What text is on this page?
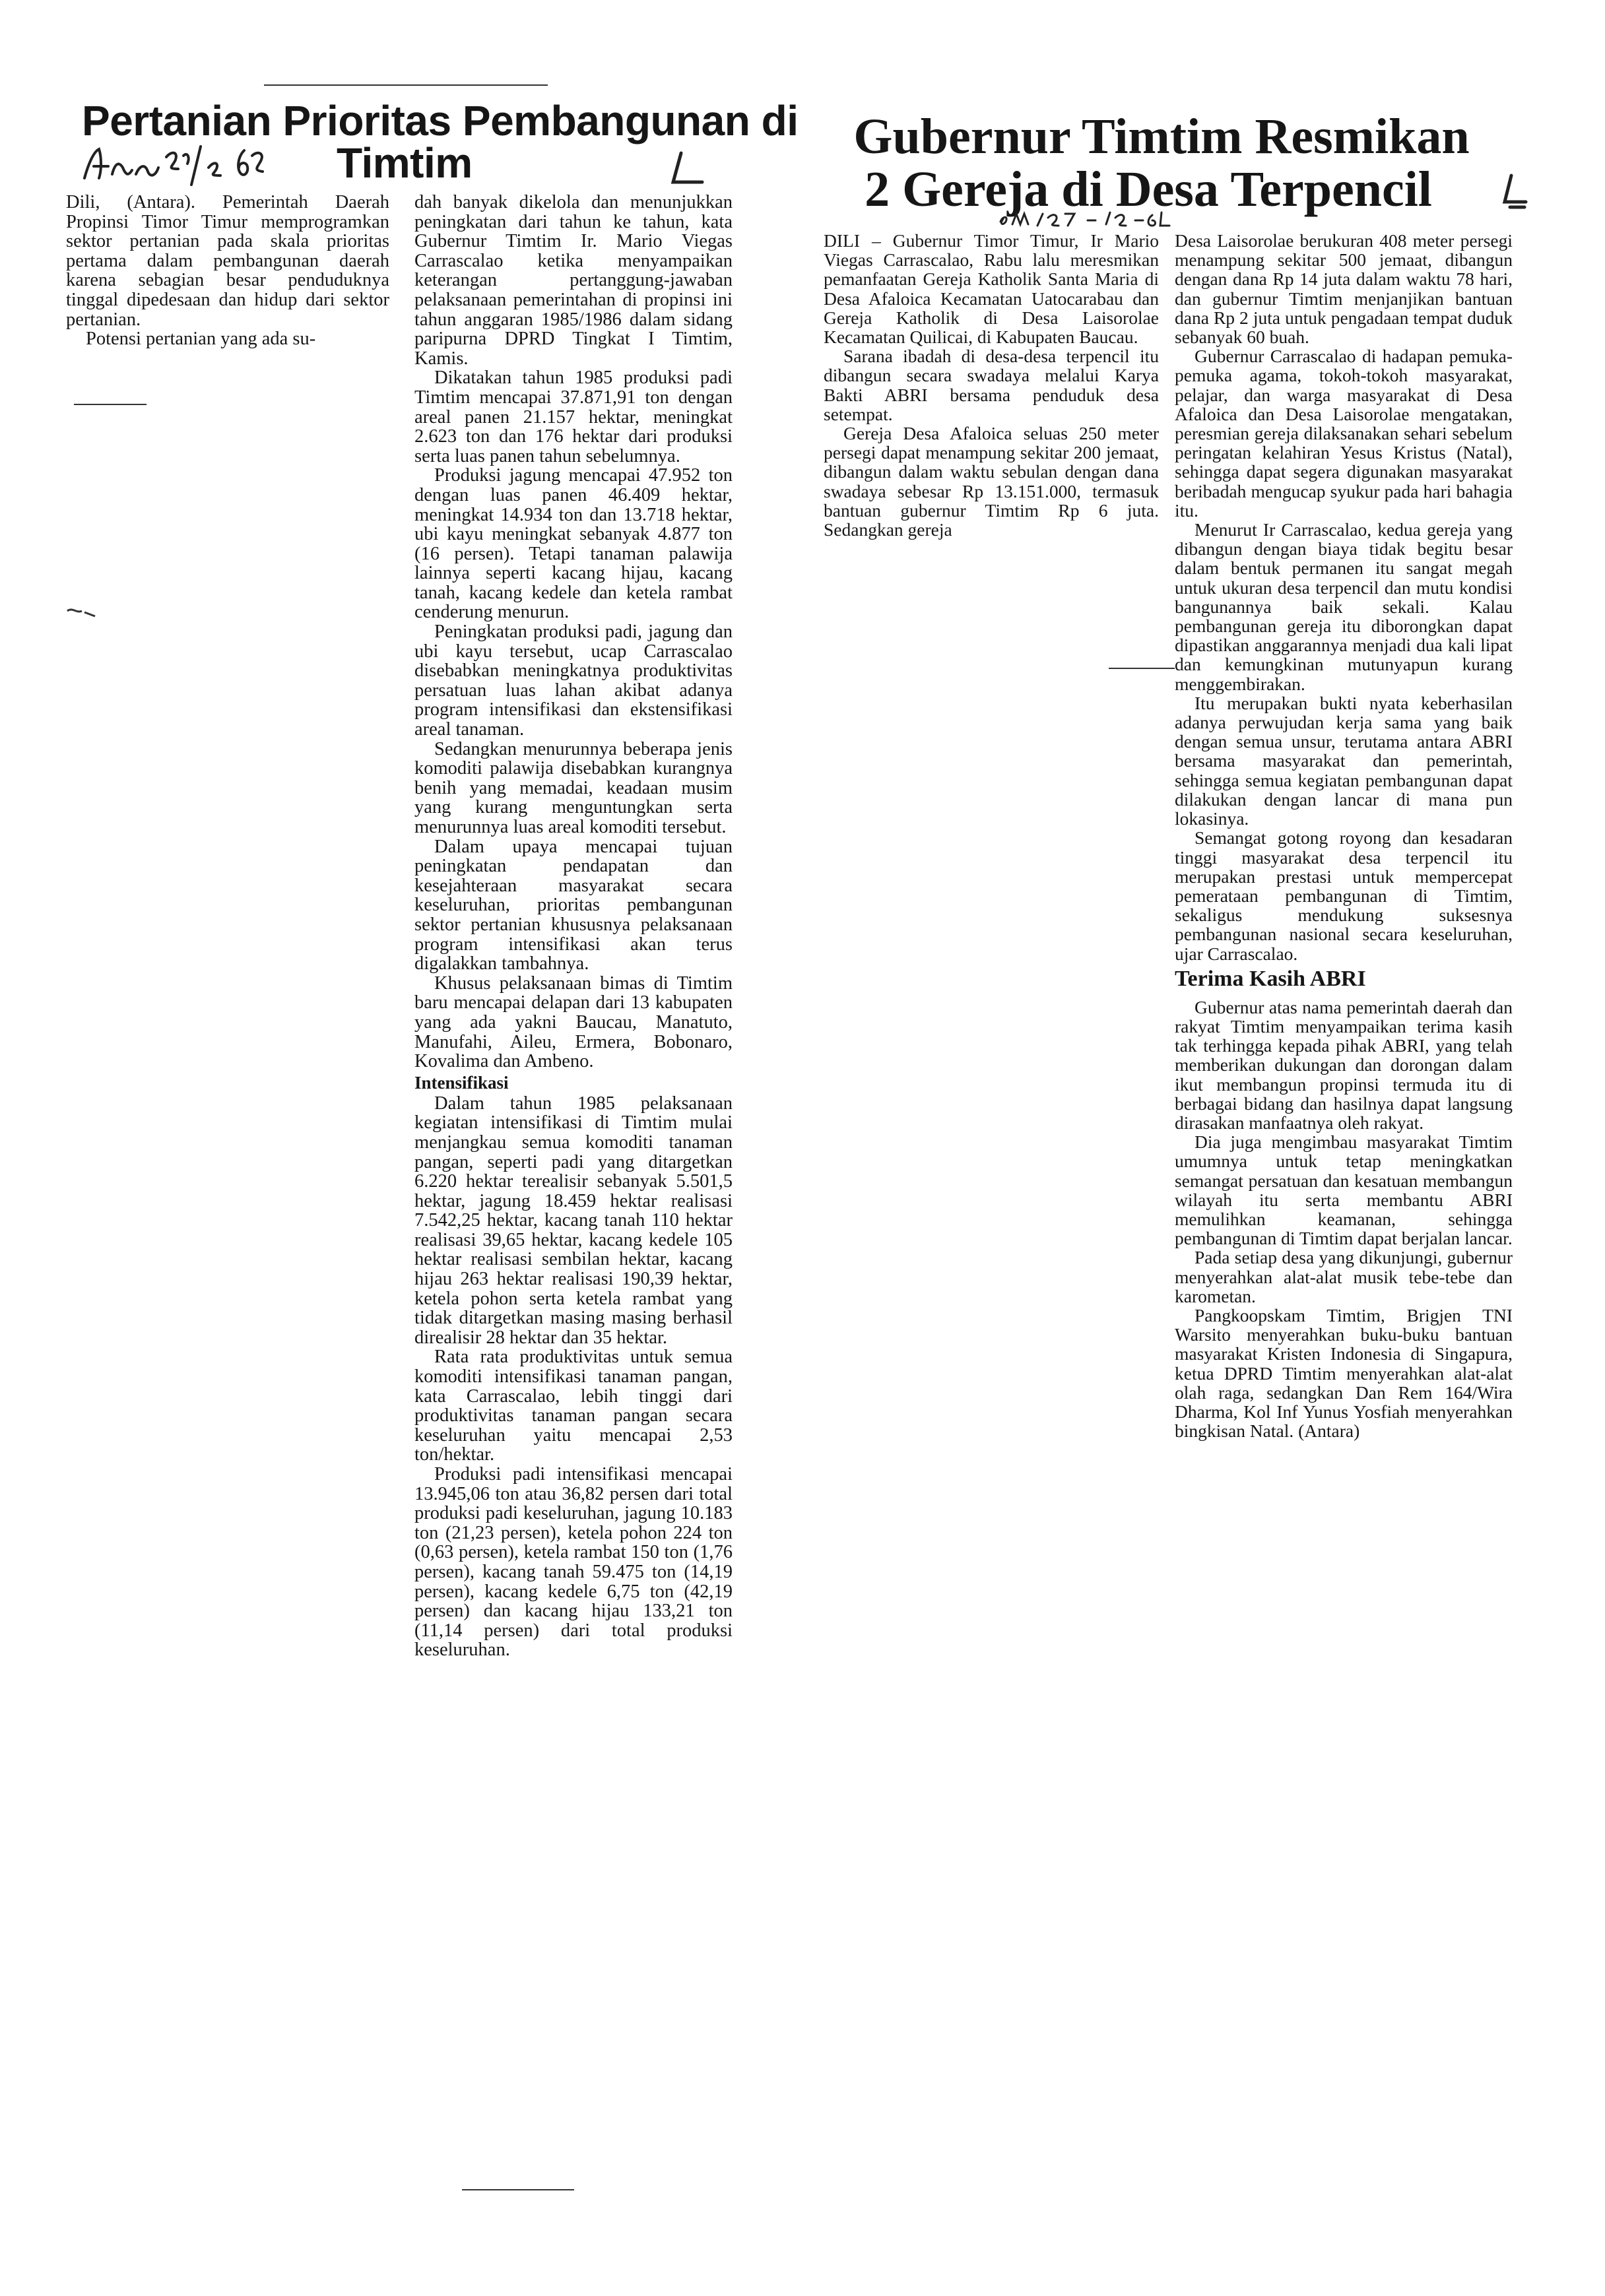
Pertanian Prioritas Pembangunan di
Timtim

Dili, (Antara). Pemerintah Daerah Propinsi Timor Timur memprogramkan sektor pertanian pada skala prioritas pertama dalam pembangunan daerah karena sebagian besar penduduknya tinggal dipedesaan dan hidup dari sektor pertanian.

Potensi pertanian yang ada su-

dah banyak dikelola dan menunjukkan peningkatan dari tahun ke tahun, kata Gubernur Timtim Ir. Mario Viegas Carrascalao ketika menyampaikan keterangan pertanggung-jawaban pelaksanaan pemerintahan di propinsi ini tahun anggaran 1985/1986 dalam sidang paripurna DPRD Tingkat I Timtim, Kamis.

Dikatakan tahun 1985 produksi padi Timtim mencapai 37.871,91 ton dengan areal panen 21.157 hektar, meningkat 2.623 ton dan 176 hektar dari produksi serta luas panen tahun sebelumnya.

Produksi jagung mencapai 47.952 ton dengan luas panen 46.409 hektar, meningkat 14.934 ton dan 13.718 hektar, ubi kayu meningkat sebanyak 4.877 ton (16 persen). Tetapi tanaman palawija lainnya seperti kacang hijau, kacang tanah, kacang kedele dan ketela rambat cenderung menurun.

Peningkatan produksi padi, jagung dan ubi kayu tersebut, ucap Carrascalao disebabkan meningkatnya produktivitas persatuan luas lahan akibat adanya program intensifikasi dan ekstensifikasi areal tanaman.

Sedangkan menurunnya beberapa jenis komoditi palawija disebabkan kurangnya benih yang memadai, keadaan musim yang kurang menguntungkan serta menurunnya luas areal komoditi tersebut.

Dalam upaya mencapai tujuan peningkatan pendapatan dan kesejahteraan masyarakat secara keseluruhan, prioritas pembangunan sektor pertanian khususnya pelaksanaan program intensifikasi akan terus digalakkan tambahnya.

Khusus pelaksanaan bimas di Timtim baru mencapai delapan dari 13 kabupaten yang ada yakni Baucau, Manatuto, Manufahi, Aileu, Ermera, Bobonaro, Kovalima dan Ambeno.

Intensifikasi

Dalam tahun 1985 pelaksanaan kegiatan intensifikasi di Timtim mulai menjangkau semua komoditi tanaman pangan, seperti padi yang ditargetkan 6.220 hektar terealisir sebanyak 5.501,5 hektar, jagung 18.459 hektar realisasi 7.542,25 hektar, kacang tanah 110 hektar realisasi 39,65 hektar, kacang kedele 105 hektar realisasi sembilan hektar, kacang hijau 263 hektar realisasi 190,39 hektar, ketela pohon serta ketela rambat yang tidak ditargetkan masing masing berhasil direalisir 28 hektar dan 35 hektar.

Rata rata produktivitas untuk semua komoditi intensifikasi tanaman pangan, kata Carrascalao, lebih tinggi dari produktivitas tanaman pangan secara keseluruhan yaitu mencapai 2,53 ton/hektar.

Produksi padi intensifikasi mencapai 13.945,06 ton atau 36,82 persen dari total produksi padi keseluruhan, jagung 10.183 ton (21,23 persen), ketela pohon 224 ton (0,63 persen), ketela rambat 150 ton (1,76 persen), kacang tanah 59.475 ton (14,19 persen), kacang kedele 6,75 ton (42,19 persen) dan kacang hijau 133,21 ton (11,14 persen) dari total produksi keseluruhan.

Gubernur Timtim Resmikan
2 Gereja di Desa Terpencil

DILI – Gubernur Timor Timur, Ir Mario Viegas Carrascalao, Rabu lalu meresmikan pemanfaatan Gereja Katholik Santa Maria di Desa Afaloica Kecamatan Uatocarabau dan Gereja Katholik di Desa Laisorolae Kecamatan Quilicai, di Kabupaten Baucau.

Sarana ibadah di desa-desa terpencil itu dibangun secara swadaya melalui Karya Bakti ABRI bersama penduduk desa setempat.

Gereja Desa Afaloica seluas 250 meter persegi dapat menampung sekitar 200 jemaat, dibangun dalam waktu sebulan dengan dana swadaya sebesar Rp 13.151.000, termasuk bantuan gubernur Timtim Rp 6 juta. Sedangkan gereja

Desa Laisorolae berukuran 408 meter persegi menampung sekitar 500 jemaat, dibangun dengan dana Rp 14 juta dalam waktu 78 hari, dan gubernur Timtim menjanjikan bantuan dana Rp 2 juta untuk pengadaan tempat duduk sebanyak 60 buah.

Gubernur Carrascalao di hadapan pemuka-pemuka agama, tokoh-tokoh masyarakat, pelajar, dan warga masyarakat di Desa Afaloica dan Desa Laisorolae mengatakan, peresmian gereja dilaksanakan sehari sebelum peringatan kelahiran Yesus Kristus (Natal), sehingga dapat segera digunakan masyarakat beribadah mengucap syukur pada hari bahagia itu.

Menurut Ir Carrascalao, kedua gereja yang dibangun dengan biaya tidak begitu besar dalam bentuk permanen itu sangat megah untuk ukuran desa terpencil dan mutu kondisi bangunannya baik sekali. Kalau pembangunan gereja itu diborongkan dapat dipastikan anggarannya menjadi dua kali lipat dan kemungkinan mutunyapun kurang menggembirakan.

Itu merupakan bukti nyata keberhasilan adanya perwujudan kerja sama yang baik dengan semua unsur, terutama antara ABRI bersama masyarakat dan pemerintah, sehingga semua kegiatan pembangunan dapat dilakukan dengan lancar di mana pun lokasinya.

Semangat gotong royong dan kesadaran tinggi masyarakat desa terpencil itu merupakan prestasi untuk mempercepat pemerataan pembangunan di Timtim, sekaligus mendukung suksesnya pembangunan nasional secara keseluruhan, ujar Carrascalao.

Terima Kasih ABRI

Gubernur atas nama pemerintah daerah dan rakyat Timtim menyampaikan terima kasih tak terhingga kepada pihak ABRI, yang telah memberikan dukungan dan dorongan dalam ikut membangun propinsi termuda itu di berbagai bidang dan hasilnya dapat langsung dirasakan manfaatnya oleh rakyat.

Dia juga mengimbau masyarakat Timtim umumnya untuk tetap meningkatkan semangat persatuan dan kesatuan membangun wilayah itu serta membantu ABRI memulihkan keamanan, sehingga pembangunan di Timtim dapat berjalan lancar.

Pada setiap desa yang dikunjungi, gubernur menyerahkan alat-alat musik tebe-tebe dan karometan.

Pangkoopskam Timtim, Brigjen TNI Warsito menyerahkan buku-buku bantuan masyarakat Kristen Indonesia di Singapura, ketua DPRD Timtim menyerahkan alat-alat olah raga, sedangkan Dan Rem 164/Wira Dharma, Kol Inf Yunus Yosfiah menyerahkan bingkisan Natal. (Antara)
